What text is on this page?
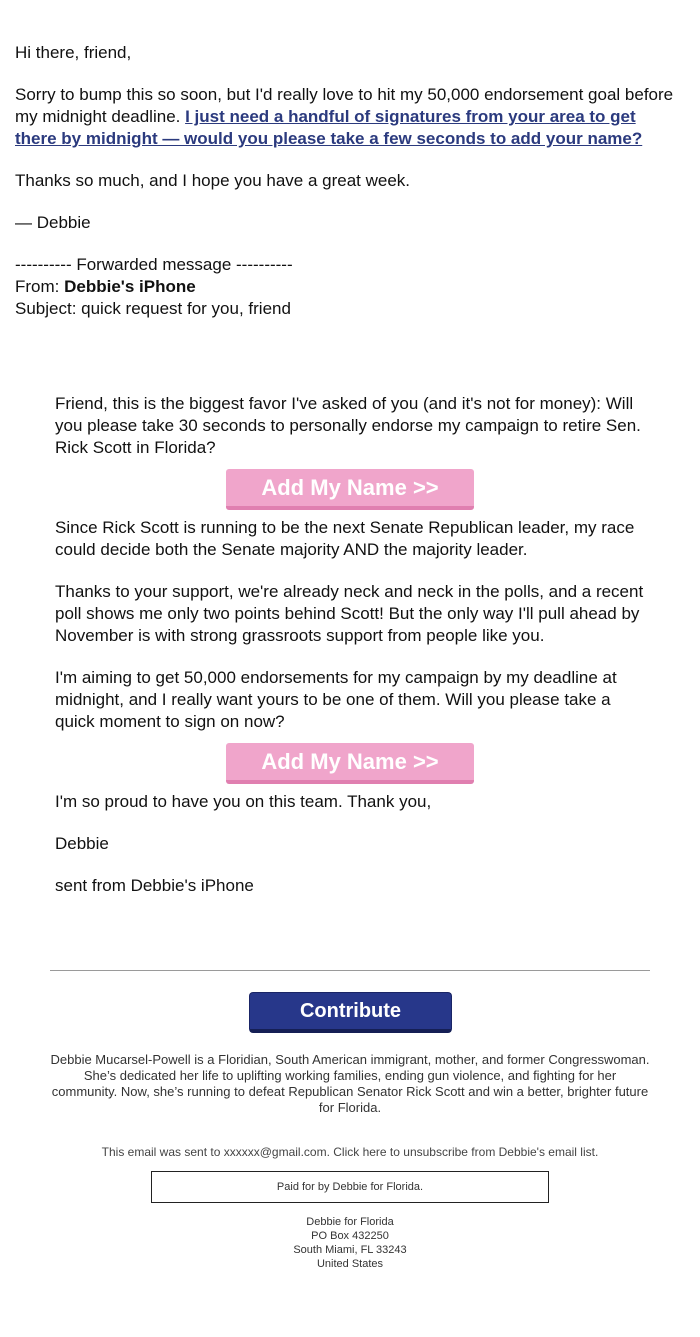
Hi there, friend,

Sorry to bump this so soon, but I'd really love to hit my 50,000 endorsement goal before my midnight deadline. I just need a handful of signatures from your area to get there by midnight — would you please take a few seconds to add your name?

Thanks so much, and I hope you have a great week.

— Debbie

---------- Forwarded message ----------

From: Debbie's iPhone

Subject: quick request for you, friend

Friend, this is the biggest favor I've asked of you (and it's not for money): Will you please take 30 seconds to personally endorse my campaign to retire Sen. Rick Scott in Florida?

Add My Name >>

Since Rick Scott is running to be the next Senate Republican leader, my race could decide both the Senate majority AND the majority leader.

Thanks to your support, we're already neck and neck in the polls, and a recent poll shows me only two points behind Scott! But the only way I'll pull ahead by November is with strong grassroots support from people like you.

I'm aiming to get 50,000 endorsements for my campaign by my deadline at midnight, and I really want yours to be one of them. Will you please take a quick moment to sign on now?

Add My Name >>

I'm so proud to have you on this team. Thank you,

Debbie

sent from Debbie's iPhone

Contribute
Debbie Mucarsel-Powell is a Floridian, South American immigrant, mother, and former Congresswoman. She’s dedicated her life to uplifting working families, ending gun violence, and fighting for her community. Now, she’s running to defeat Republican Senator Rick Scott and win a better, brighter future for Florida.
This email was sent to xxxxxx@gmail.com. Click here to unsubscribe from Debbie's email list.
Paid for by Debbie for Florida.
Debbie for Florida
PO Box 432250
South Miami, FL 33243
United States
